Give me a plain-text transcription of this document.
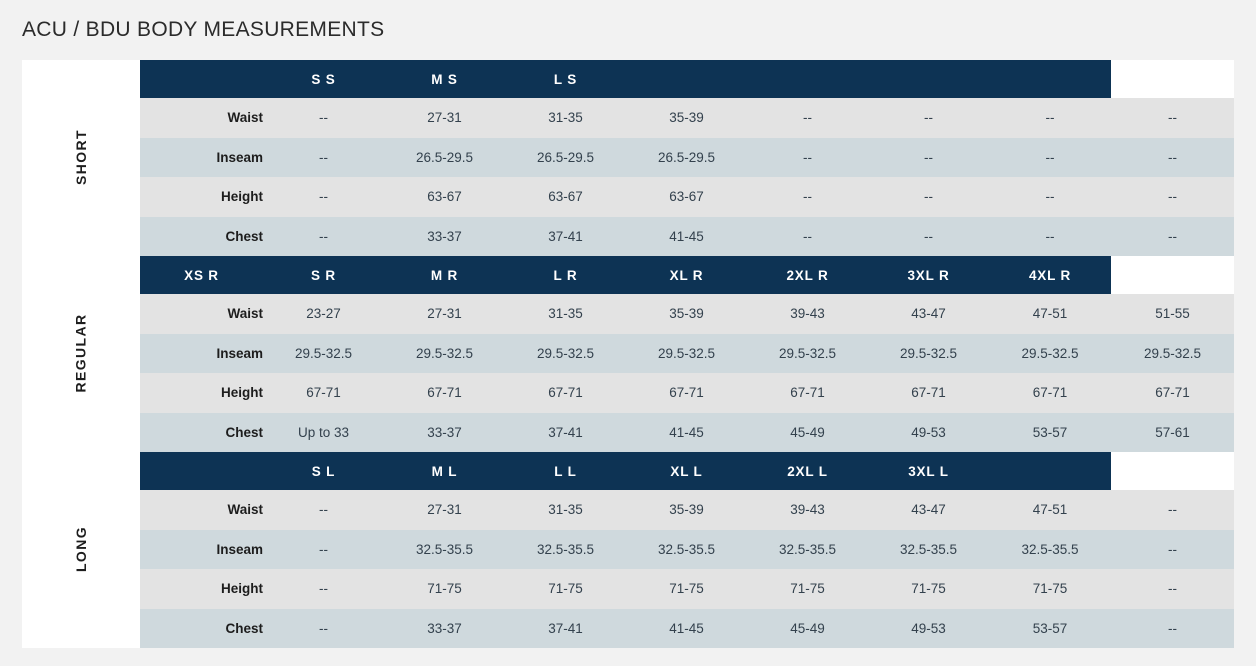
ACU / BDU BODY MEASUREMENTS
SHORT		S S	M S	L S					
	Waist	--	27-31	31-35	35-39	--	--	--	--
	Inseam	--	26.5-29.5	26.5-29.5	26.5-29.5	--	--	--	--
	Height	--	63-67	63-67	63-67	--	--	--	--
	Chest	--	33-37	37-41	41-45	--	--	--	--
REGULAR	XS R	S R	M R	L R	XL R	2XL R	3XL R	4XL R	
	Waist	23-27	27-31	31-35	35-39	39-43	43-47	47-51	51-55
	Inseam	29.5-32.5	29.5-32.5	29.5-32.5	29.5-32.5	29.5-32.5	29.5-32.5	29.5-32.5	29.5-32.5
	Height	67-71	67-71	67-71	67-71	67-71	67-71	67-71	67-71
	Chest	Up to 33	33-37	37-41	41-45	45-49	49-53	53-57	57-61
LONG		S L	M L	L L	XL L	2XL L	3XL L		
	Waist	--	27-31	31-35	35-39	39-43	43-47	47-51	--
	Inseam	--	32.5-35.5	32.5-35.5	32.5-35.5	32.5-35.5	32.5-35.5	32.5-35.5	--
	Height	--	71-75	71-75	71-75	71-75	71-75	71-75	--
	Chest	--	33-37	37-41	41-45	45-49	49-53	53-57	--
